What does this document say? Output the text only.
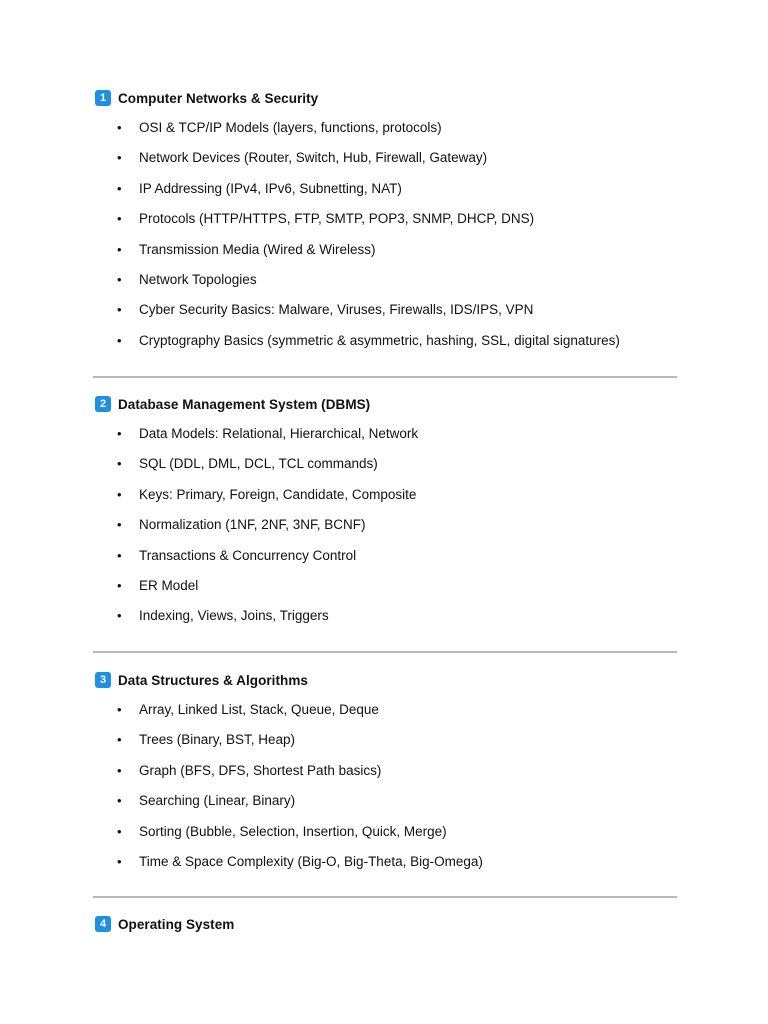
1 Computer Networks & Security
• OSI & TCP/IP Models (layers, functions, protocols)
• Network Devices (Router, Switch, Hub, Firewall, Gateway)
• IP Addressing (IPv4, IPv6, Subnetting, NAT)
• Protocols (HTTP/HTTPS, FTP, SMTP, POP3, SNMP, DHCP, DNS)
• Transmission Media (Wired & Wireless)
• Network Topologies
• Cyber Security Basics: Malware, Viruses, Firewalls, IDS/IPS, VPN
• Cryptography Basics (symmetric & asymmetric, hashing, SSL, digital signatures)
2 Database Management System (DBMS)
• Data Models: Relational, Hierarchical, Network
• SQL (DDL, DML, DCL, TCL commands)
• Keys: Primary, Foreign, Candidate, Composite
• Normalization (1NF, 2NF, 3NF, BCNF)
• Transactions & Concurrency Control
• ER Model
• Indexing, Views, Joins, Triggers
3 Data Structures & Algorithms
• Array, Linked List, Stack, Queue, Deque
• Trees (Binary, BST, Heap)
• Graph (BFS, DFS, Shortest Path basics)
• Searching (Linear, Binary)
• Sorting (Bubble, Selection, Insertion, Quick, Merge)
• Time & Space Complexity (Big-O, Big-Theta, Big-Omega)
4 Operating System
